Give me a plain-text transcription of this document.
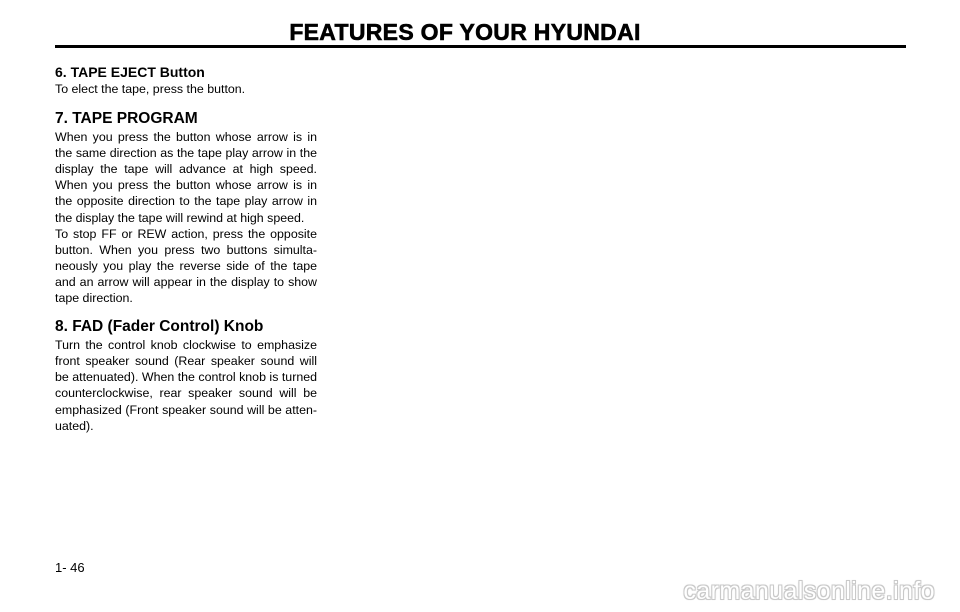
FEATURES OF YOUR HYUNDAI
6. TAPE EJECT Button

To elect the tape, press the button.

7. TAPE PROGRAM

When you press the button whose arrow is in the same direction as the tape play arrow in the display the tape will advance at high speed. When you press the button whose arrow is in the opposite direction to the tape play arrow in the display the tape will rewind at high speed.

To stop FF or REW action, press the opposite button. When you press two buttons simulta-neously you play the reverse side of the tape and an arrow will appear in the display to show tape direction.

8. FAD (Fader Control) Knob

Turn the control knob clockwise to emphasize front speaker sound (Rear speaker sound will be attenuated). When the control knob is turned counterclockwise, rear speaker sound will be emphasized (Front speaker sound will be atten-uated).

1- 46
carmanualsonline.info
